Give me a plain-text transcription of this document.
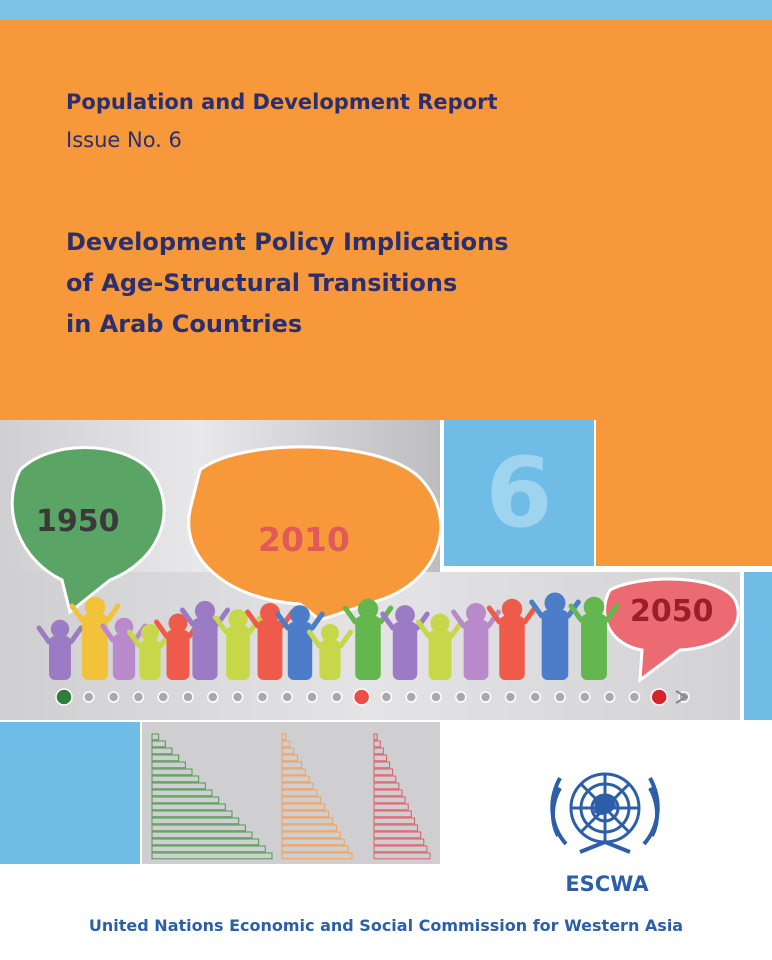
Population and Development Report
Issue No. 6
Development Policy Implications
of Age-Structural Transitions
in Arab Countries
6
1950	2010
2050
ESCWA
United Nations Economic and Social Commission for Western Asia
